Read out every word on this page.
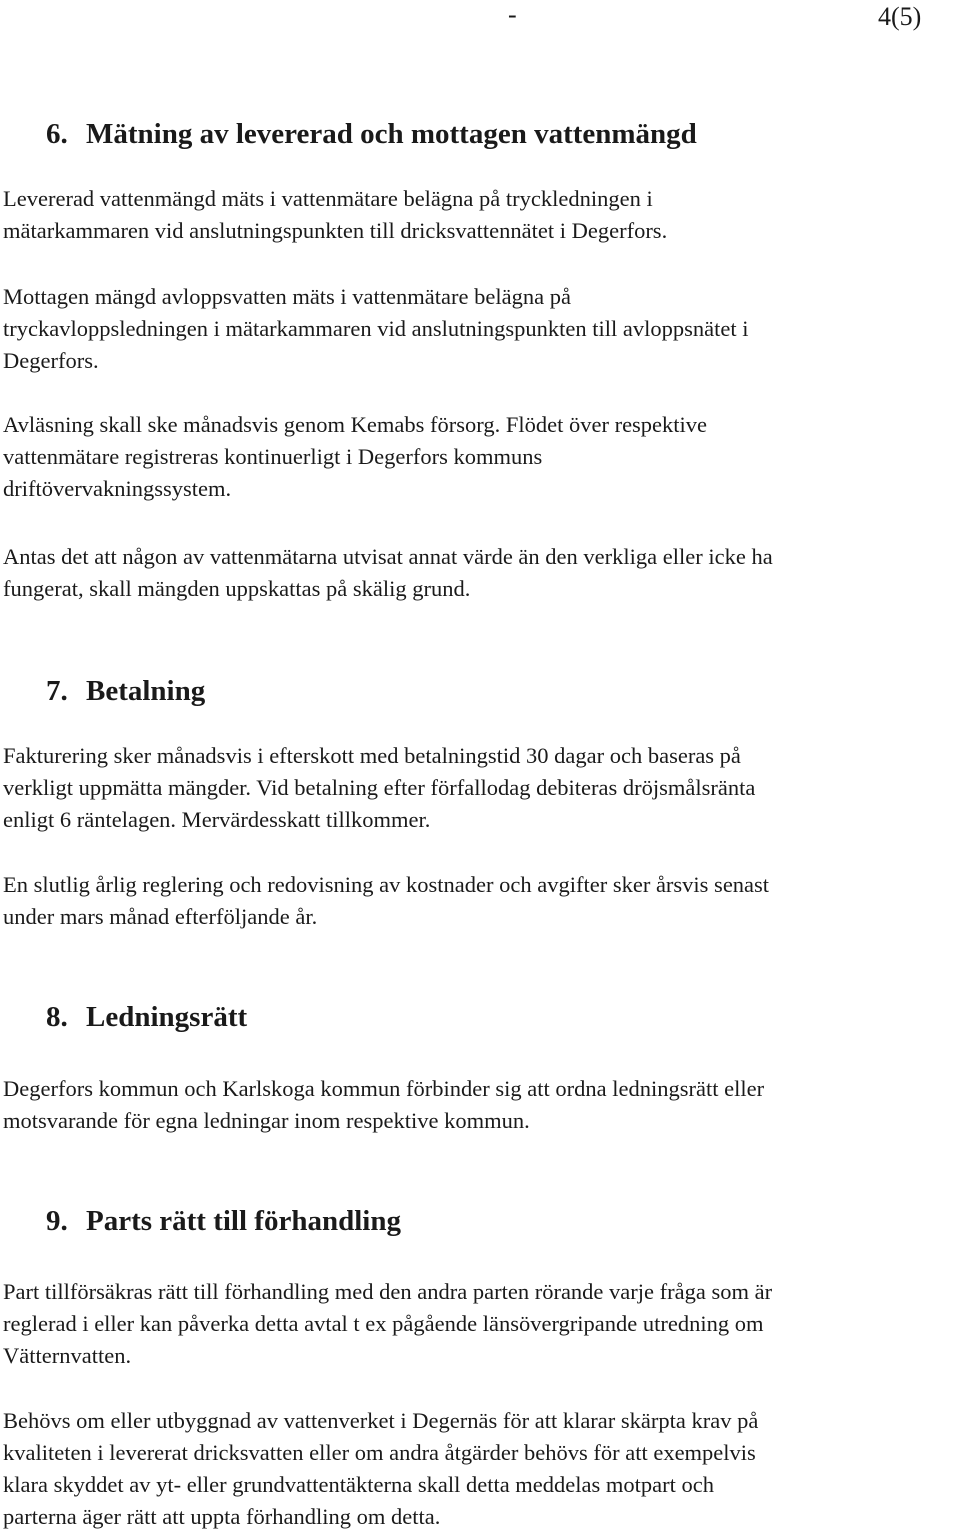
-	4(5)
6. Mätning av levererad och mottagen vattenmängd

Levererad vattenmängd mäts i vattenmätare belägna på tryckledningen i
mätarkammaren vid anslutningspunkten till dricksvattennätet i Degerfors.

Mottagen mängd avloppsvatten mäts i vattenmätare belägna på
tryckavloppsledningen i mätarkammaren vid anslutningspunkten till avloppsnätet i
Degerfors.

Avläsning skall ske månadsvis genom Kemabs försorg. Flödet över respektive
vattenmätare registreras kontinuerligt i Degerfors kommuns
driftövervakningssystem.

Antas det att någon av vattenmätarna utvisat annat värde än den verkliga eller icke ha
fungerat, skall mängden uppskattas på skälig grund.

7. Betalning

Fakturering sker månadsvis i efterskott med betalningstid 30 dagar och baseras på
verkligt uppmätta mängder. Vid betalning efter förfallodag debiteras dröjsmålsränta
enligt 6 räntelagen. Mervärdesskatt tillkommer.

En slutlig årlig reglering och redovisning av kostnader och avgifter sker årsvis senast
under mars månad efterföljande år.

8. Ledningsrätt

Degerfors kommun och Karlskoga kommun förbinder sig att ordna ledningsrätt eller
motsvarande för egna ledningar inom respektive kommun.

9. Parts rätt till förhandling

Part tillförsäkras rätt till förhandling med den andra parten rörande varje fråga som är
reglerad i eller kan påverka detta avtal t ex pågående länsövergripande utredning om
Vätternvatten.

Behövs om eller utbyggnad av vattenverket i Degernäs för att klarar skärpta krav på
kvaliteten i levererat dricksvatten eller om andra åtgärder behövs för att exempelvis
klara skyddet av yt- eller grundvattentäkterna skall detta meddelas motpart och
parterna äger rätt att uppta förhandling om detta.
